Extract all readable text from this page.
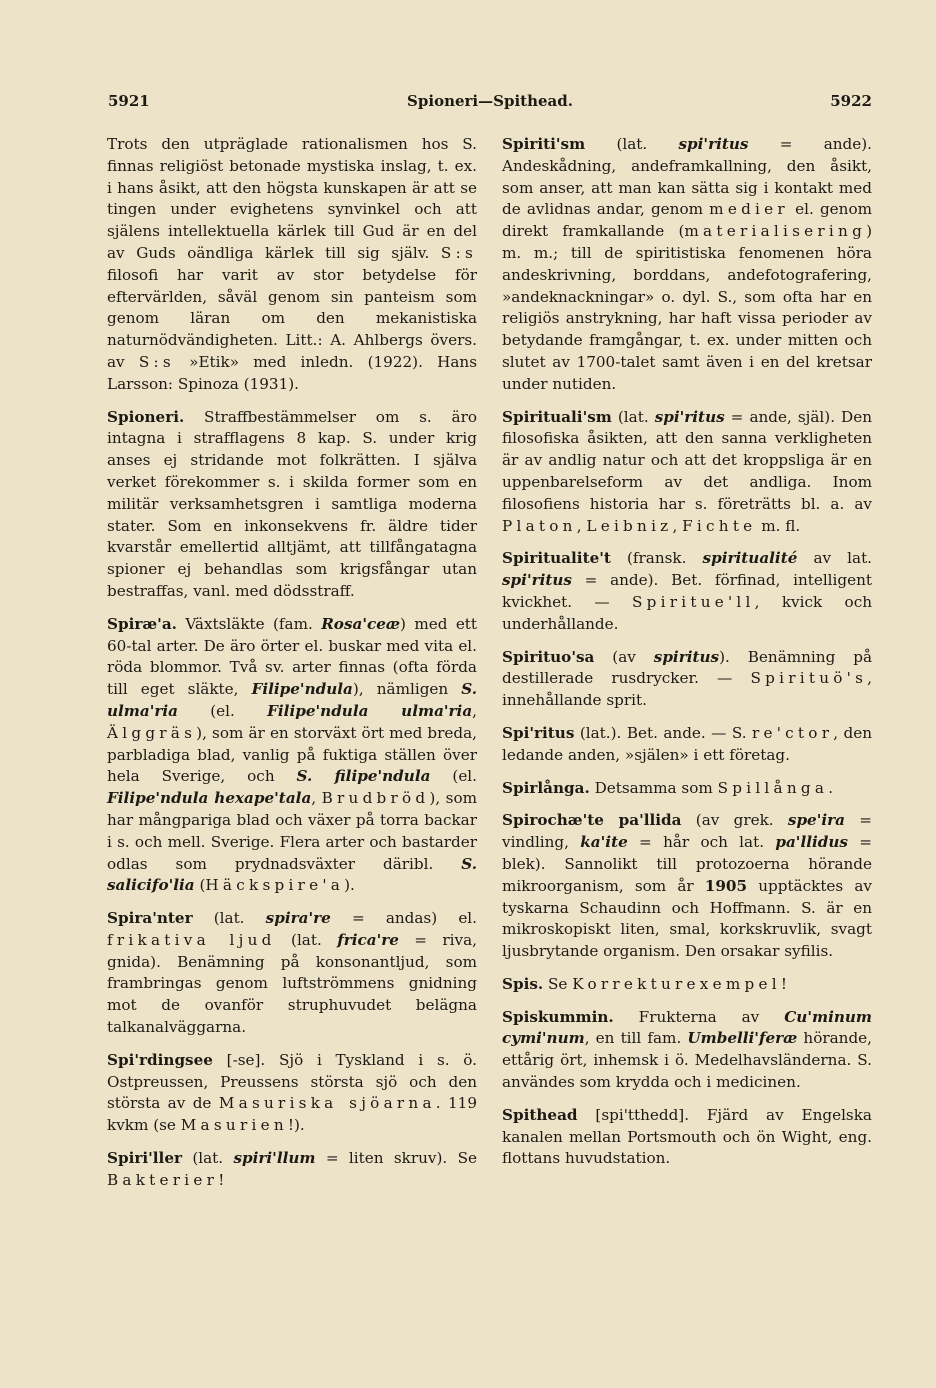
5921	Spioneri—Spithead.	5922

Trots den utpräglade rationalismen hos S. finnas religiöst betonade mystiska inslag, t. ex. i hans åsikt, att den högsta kunskapen är att se tingen under evighetens synvinkel och att själens intellektuella kärlek till Gud är en del av Guds oändliga kärlek till sig själv. S:s filosofi har varit av stor betydelse för eftervärlden, såväl genom sin panteism som genom läran om den mekanistiska naturnödvändigheten. Litt.: A. Ahlbergs övers. av S:s »Etik» med inledn. (1922). Hans Larsson: Spinoza (1931).

Spioneri. Straffbestämmelser om s. äro intagna i strafflagens 8 kap. S. under krig anses ej stridande mot folkrätten. I själva verket förekommer s. i skilda former som en militär verksamhetsgren i samtliga moderna stater. Som en inkonsekvens fr. äldre tider kvarstår emellertid alltjämt, att tillfångatagna spioner ej behandlas som krigsfångar utan bestraffas, vanl. med dödsstraff.

Spiræ'a. Växtsläkte (fam. Rosa'ceæ) med ett 60-tal arter. De äro örter el. buskar med vita el. röda blommor. Två sv. arter finnas (ofta förda till eget släkte, Filipe'ndula), nämligen S. ulma'ria (el. Filipe'ndula ulma'ria, Älggräs), som är en storväxt ört med breda, parbladiga blad, vanlig på fuktiga ställen över hela Sverige, och S. filipe'ndula (el. Filipe'ndula hexape'tala, Brudbröd), som har mångpariga blad och växer på torra backar i s. och mell. Sverige. Flera arter och bastarder odlas som prydnadsväxter däribl. S. salicifo'lia (Häckspire'a).

Spira'nter (lat. spira're = andas) el. frikativa ljud (lat. frica're = riva, gnida). Benämning på konsonantljud, som frambringas genom luftströmmens gnidning mot de ovanför struphuvudet belägna talkanalväggarna.

Spi'rdingsee [-se]. Sjö i Tyskland i s. ö. Ostpreussen, Preussens största sjö och den största av de Masuriska sjöarna. 119 kvkm (se Masurien!).

Spiri'ller (lat. spiri'llum = liten skruv). Se Bakterier!

Spiriti'sm (lat. spi'ritus = ande). Andeskådning, andeframkallning, den åsikt, som anser, att man kan sätta sig i kontakt med de avlidnas andar, genom medier el. genom direkt framkallande (materialisering) m. m.; till de spiritistiska fenomenen höra andeskrivning, borddans, andefotografering, »andeknackningar» o. dyl. S., som ofta har en religiös anstrykning, har haft vissa perioder av betydande framgångar, t. ex. under mitten och slutet av 1700-talet samt även i en del kretsar under nutiden.

Spirituali'sm (lat. spi'ritus = ande, själ). Den filosofiska åsikten, att den sanna verkligheten är av andlig natur och att det kroppsliga är en uppenbarelseform av det andliga. Inom filosofiens historia har s. företrätts bl. a. av Platon, Leibniz, Fichte m. fl.

Spiritualite't (fransk. spiritualité av lat. spi'ritus = ande). Bet. förfinad, intelligent kvickhet. — Spiritue'll, kvick och underhållande.

Spirituo'sa (av spiritus). Benämning på destillerade rusdrycker. — Spirituö's, innehållande sprit.

Spi'ritus (lat.). Bet. ande. — S. re'ctor, den ledande anden, »själen» i ett företag.

Spirlånga. Detsamma som Spillånga.

Spirochæ'te pa'llida (av grek. spe'ira = vindling, ka'ite = hår och lat. pa'llidus = blek). Sannolikt till protozoerna hörande mikroorganism, som år 1905 upptäcktes av tyskarna Schaudinn och Hoffmann. S. är en mikroskopiskt liten, smal, korkskruvlik, svagt ljusbrytande organism. Den orsakar syfilis.

Spis. Se Korrekturexempel!

Spiskummin. Frukterna av Cu'minum cymi'num, en till fam. Umbelli'feræ hörande, ettårig ört, inhemsk i ö. Medelhavsländerna. S. användes som krydda och i medicinen.

Spithead [spi'tthedd]. Fjärd av Engelska kanalen mellan Portsmouth och ön Wight, eng. flottans huvudstation.
